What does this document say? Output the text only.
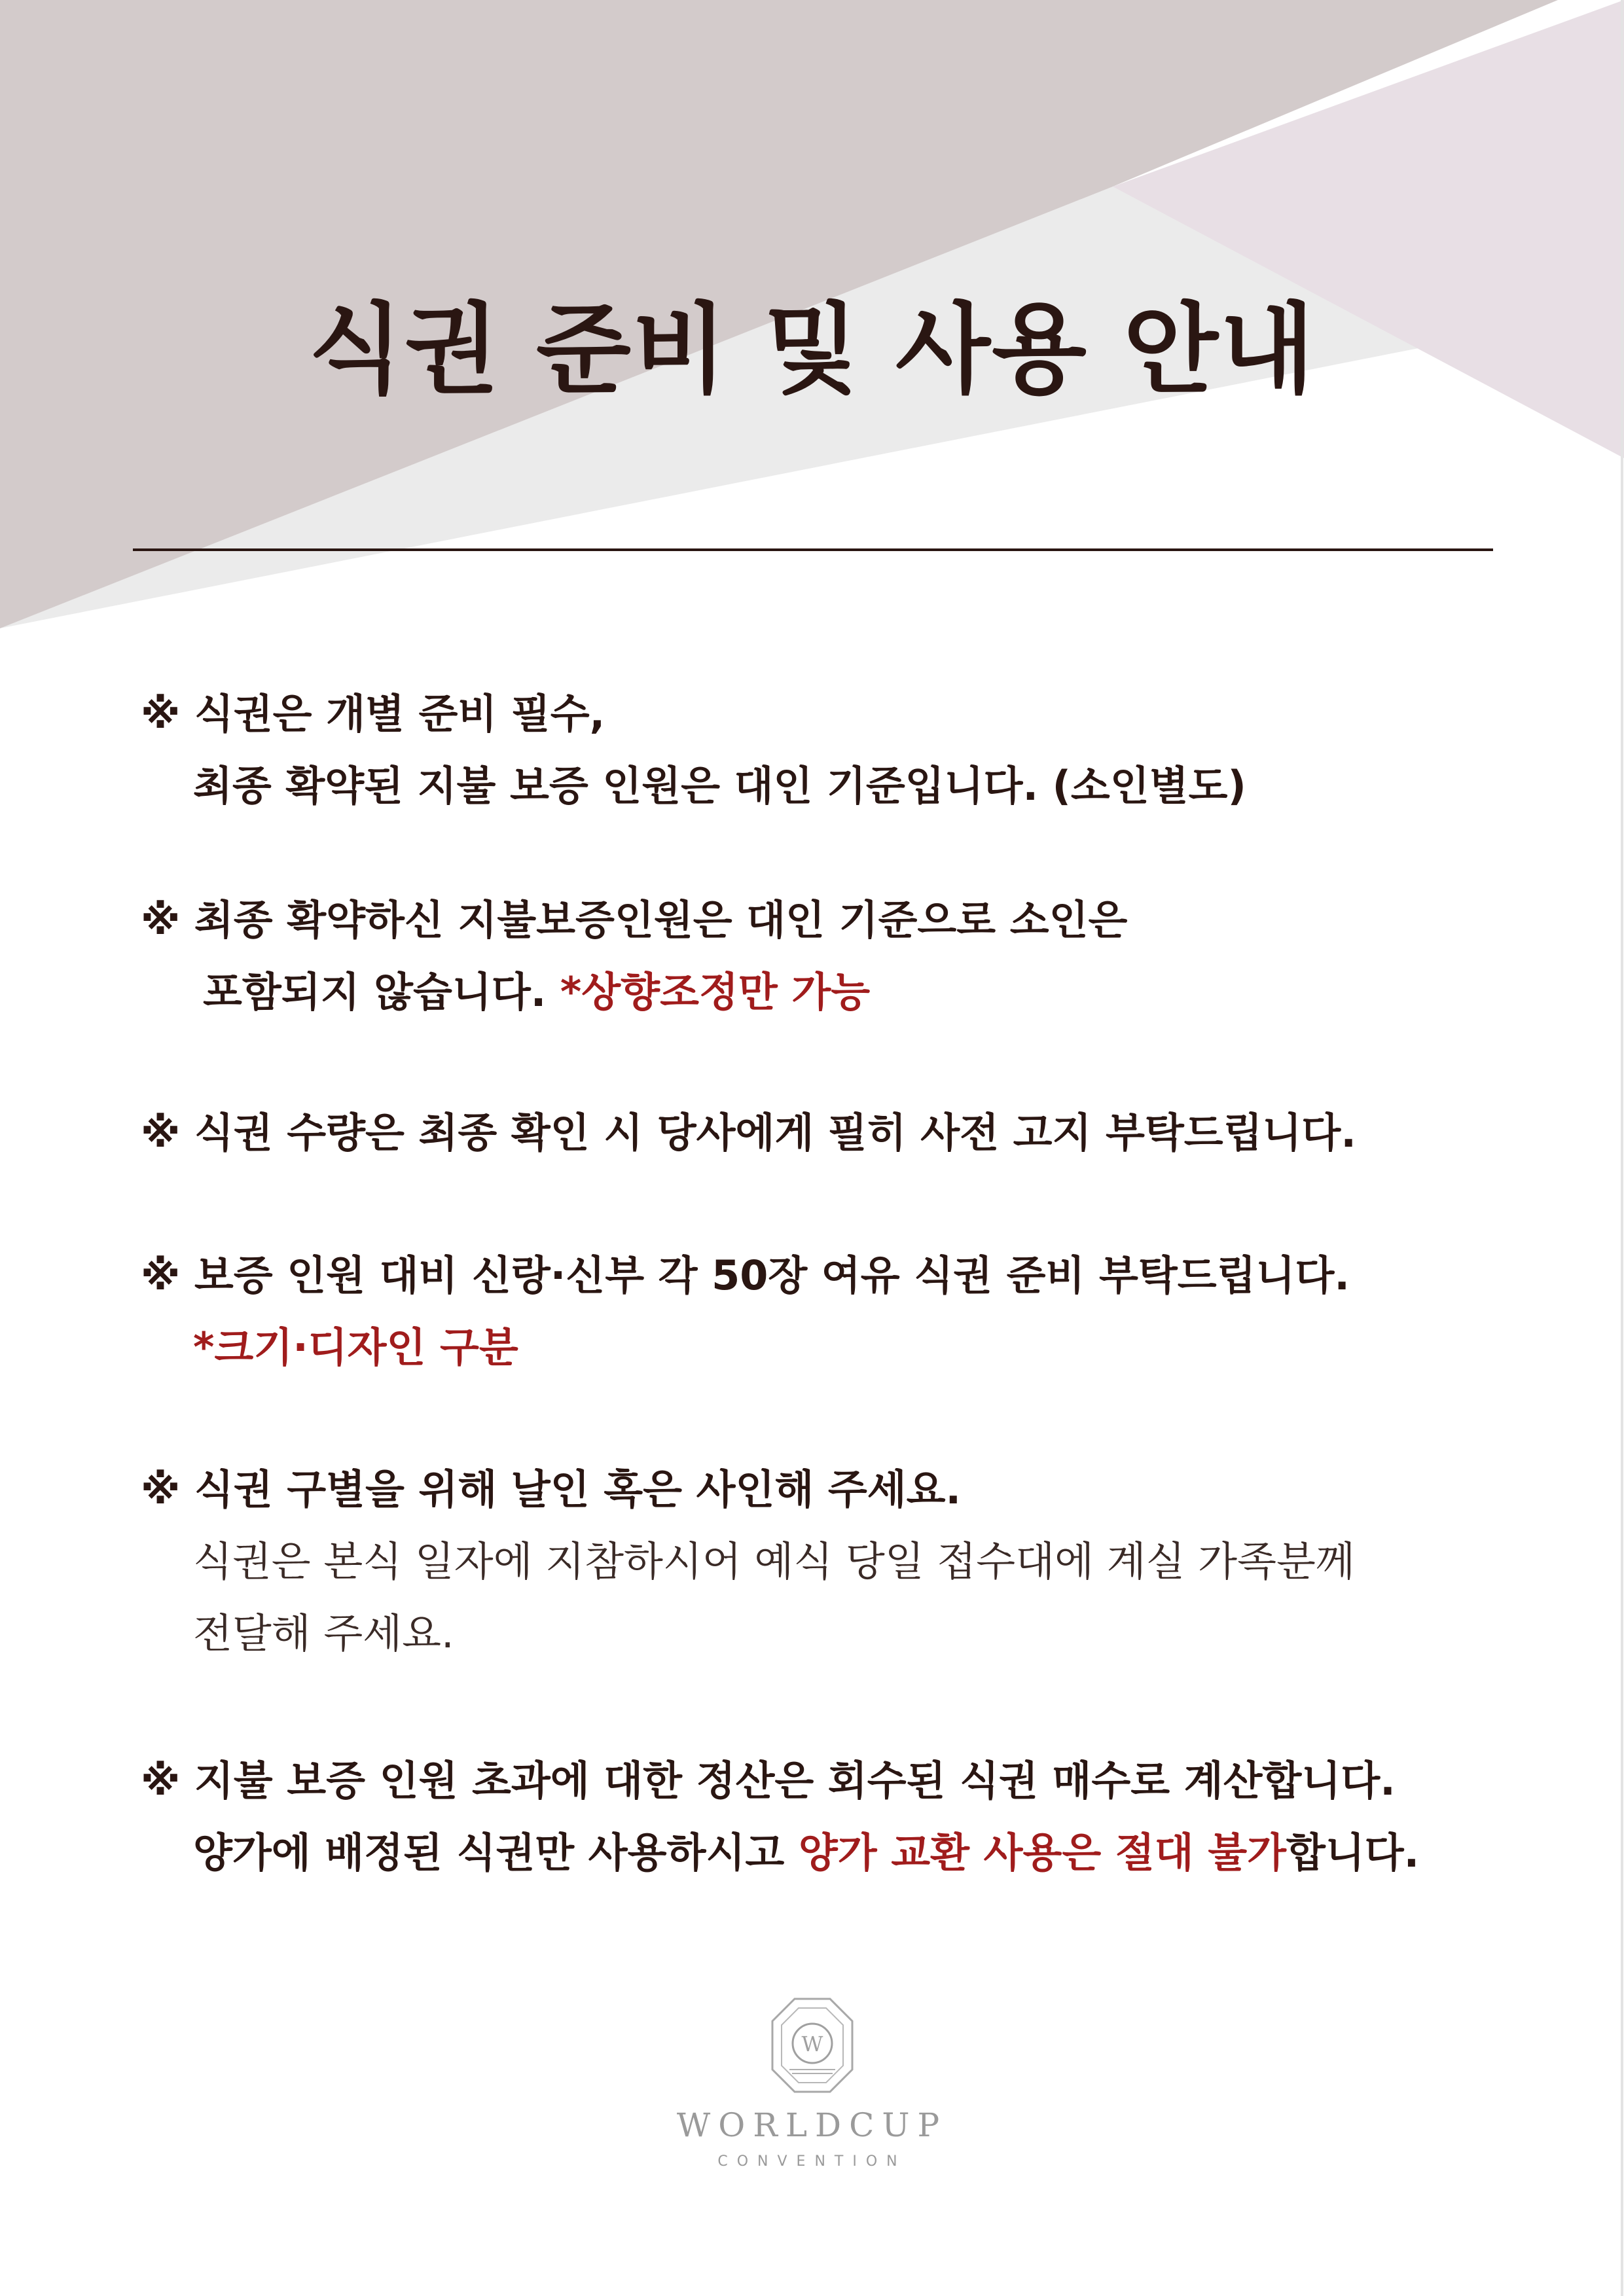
식권 준비 및 사용 안내
※ 식권은 개별 준비 필수,
최종 확약된 지불 보증 인원은 대인 기준입니다. (소인별도)
※ 최종 확약하신 지불보증인원은 대인 기준으로 소인은
포함되지 않습니다. *상향조정만 가능
※ 식권 수량은 최종 확인 시 당사에게 필히 사전 고지 부탁드립니다.
※ 보증 인원 대비 신랑·신부 각 50장 여유 식권 준비 부탁드립니다.
*크기·디자인 구분
※ 식권 구별을 위해 날인 혹은 사인해 주세요.
식권은 본식 일자에 지참하시어 예식 당일 접수대에 계실 가족분께
전달해 주세요.
※ 지불 보증 인원 초과에 대한 정산은 회수된 식권 매수로 계산합니다.
양가에 배정된 식권만 사용하시고 양가 교환 사용은 절대 불가합니다.
W
WORLDCUP
CONVENTION
